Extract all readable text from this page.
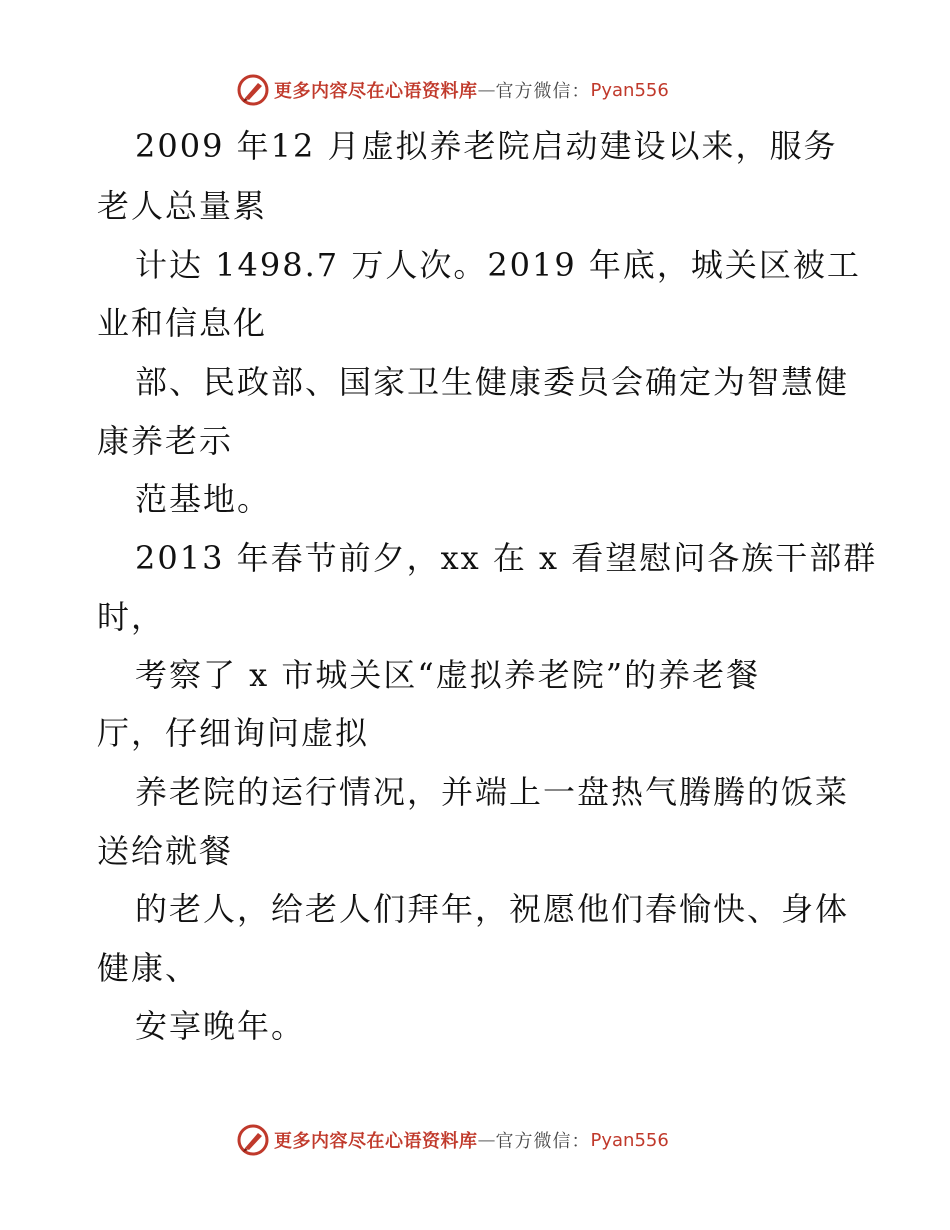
更多内容尽在心语资料库 — 官方微信： Pyan556
2009 年12 月虚拟养老院启动建设以来，服务
老人总量累
计达 1498.7 万人次。2019 年底，城关区被工
业和信息化
部、民政部、国家卫生健康委员会确定为智慧健
康养老示
范基地。
2013 年春节前夕，xx 在 x 看望慰问各族干部群
时，
考察了 x 市城关区“虚拟养老院”的养老餐
厅，仔细询问虚拟
养老院的运行情况，并端上一盘热气腾腾的饭菜
送给就餐
的老人，给老人们拜年，祝愿他们春愉快、身体
健康、
安享晚年。
更多内容尽在心语资料库 — 官方微信： Pyan556
